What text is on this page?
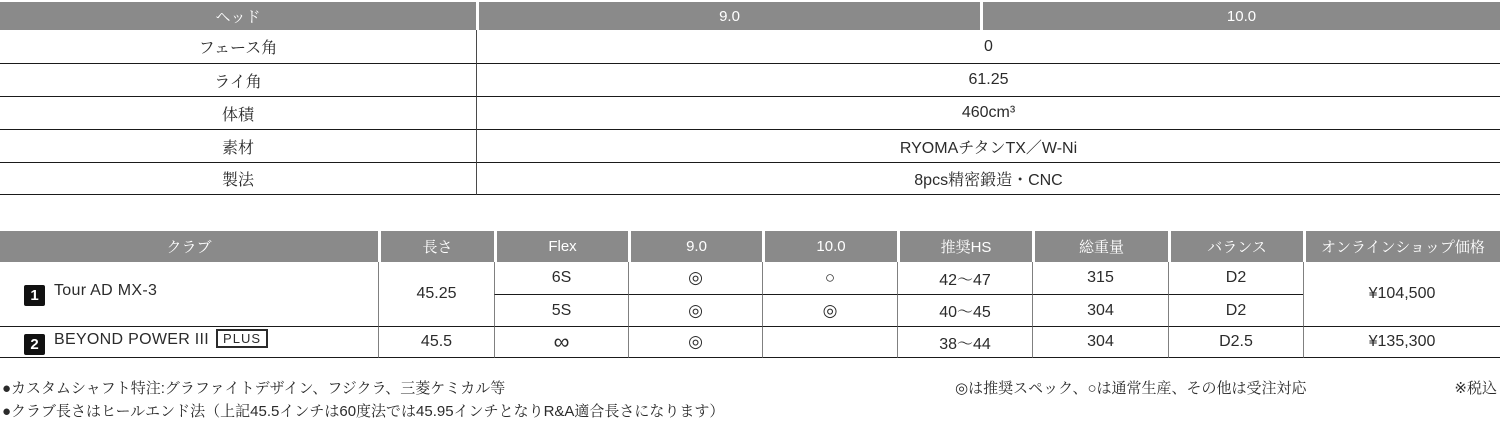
ヘッド	9.0	10.0
フェース角	0	
ライ角	61.25	
体積	460cm³	
素材	RYOMAチタンTX／W-Ni	
製法	8pcs精密鍛造・CNC	
クラブ	長さ	Flex	9.0	10.0	推奨HS	総重量	バランス	オンラインショップ価格
1 Tour AD MX-3	45.25	6S	◎	○	42～47	315	D2	¥104,500
		5S	◎	◎	40～45	304	D2	
2 BEYOND POWER III PLUS	45.5	∞	◎		38～44	304	D2.5	¥135,300
●カスタムシャフト特注:グラファイトデザイン、フジクラ、三菱ケミカル等
●クラブ長さはヒールエンド法（上記45.5インチは60度法では45.95インチとなりR&A適合長さになります）
◎は推奨スペック、○は通常生産、その他は受注対応	※税込
